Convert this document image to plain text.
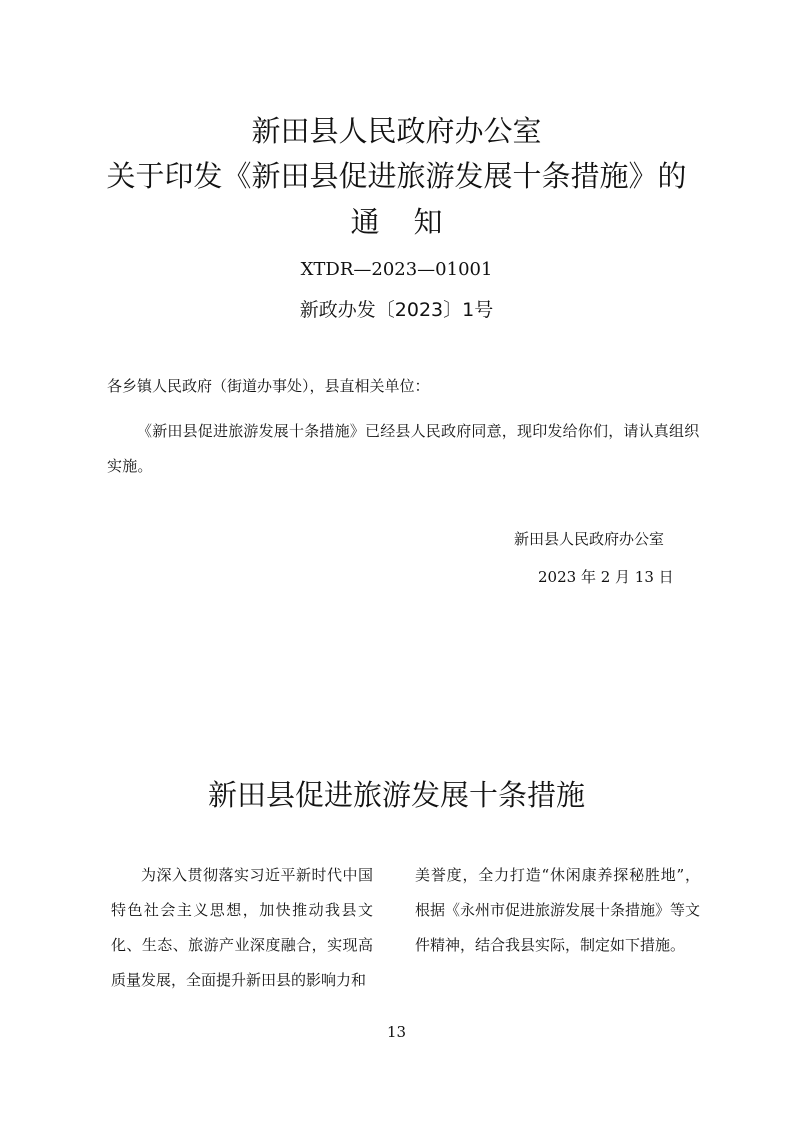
新田县人民政府办公室
关于印发《新田县促进旅游发展十条措施》的
通知
XTDR—2023—01001
新政办发〔2023〕1号
各乡镇人民政府（街道办事处），县直相关单位：
《新田县促进旅游发展十条措施》已经县人民政府同意，现印发给你们，请认真组织实施。
新田县人民政府办公室
2023 年 2 月 13 日
新田县促进旅游发展十条措施
为深入贯彻落实习近平新时代中国特色社会主义思想，加快推动我县文化、生态、旅游产业深度融合，实现高质量发展，全面提升新田县的影响力和
美誉度，全力打造“休闲康养探秘胜地”，根据《永州市促进旅游发展十条措施》等文件精神，结合我县实际，制定如下措施。
13
